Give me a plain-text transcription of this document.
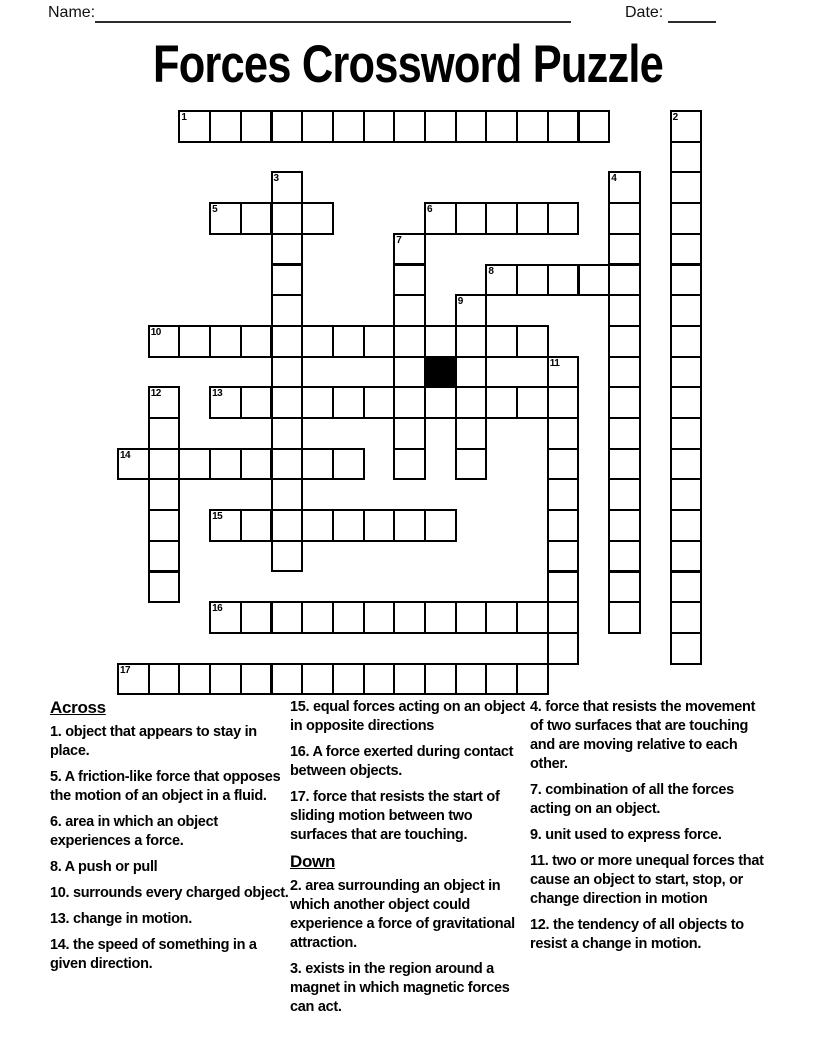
Name:	Date:
Forces Crossword Puzzle
1	2
3	4
5	6
7
8
9
10
11
12	13
14
15
16
17
Across

1. object that appears to stay in place.

5. A friction-like force that opposes the motion of an object in a fluid.

6. area in which an object experiences a force.

8. A push or pull

10. surrounds every charged object.

13. change in motion.

14. the speed of something in a given direction.

15. equal forces acting on an object in opposite directions

16. A force exerted during contact between objects.

17. force that resists the start of sliding motion between two surfaces that are touching.

Down

2. area surrounding an object in which another object could experience a force of gravitational attraction.

3. exists in the region around a magnet in which magnetic forces can act.

4. force that resists the movement of two surfaces that are touching and are moving relative to each other.

7. combination of all the forces acting on an object.

9. unit used to express force.

11. two or more unequal forces that cause an object to start, stop, or change direction in motion

12. the tendency of all objects to resist a change in motion.
